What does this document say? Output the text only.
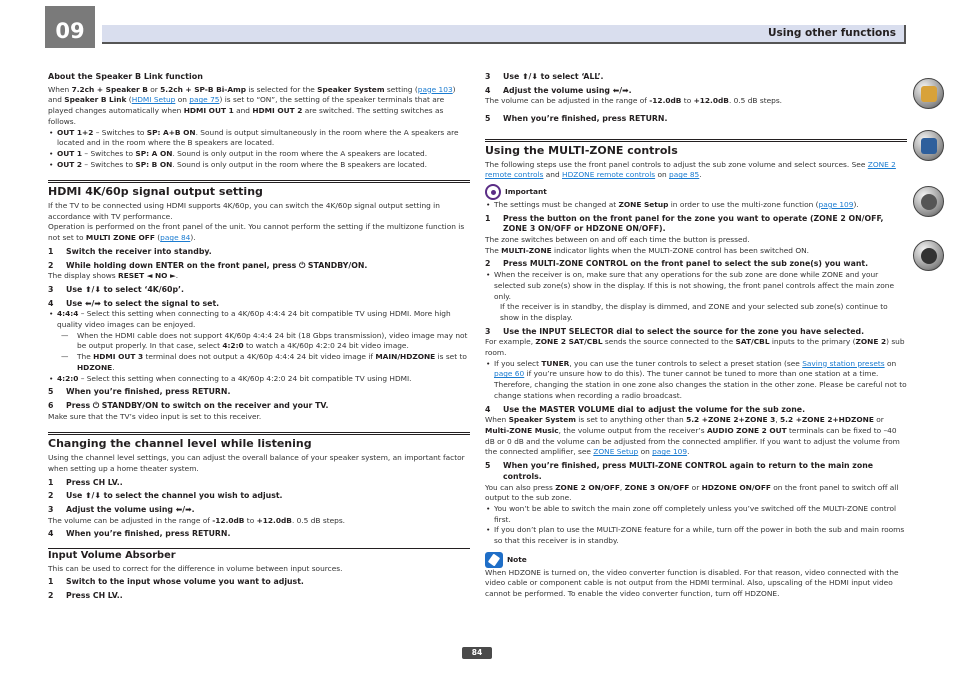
09	Using other functions
About the Speaker B Link function
When 7.2ch + Speaker B or 5.2ch + SP-B Bi-Amp is selected for the Speaker System setting (page 103) and Speaker B Link (HDMI Setup on page 75) is set to “ON”, the setting of the speaker terminals that are played changes automatically when HDMI OUT 1 and HDMI OUT 2 are switched. The setting switches as follows.
• OUT 1+2 – Switches to SP: A+B ON. Sound is output simultaneously in the room where the A speakers are located and in the room where the B speakers are located.
• OUT 1 – Switches to SP: A ON. Sound is only output in the room where the A speakers are located.
• OUT 2 – Switches to SP: B ON. Sound is only output in the room where the B speakers are located.
HDMI 4K/60p signal output setting
If the TV to be connected using HDMI supports 4K/60p, you can switch the 4K/60p signal output setting in accordance with TV performance.
Operation is performed on the front panel of the unit. You cannot perform the setting if the multizone function is not set to MULTI ZONE OFF (page 84).
1 Switch the receiver into standby.
2 While holding down ENTER on the front panel, press ⏻ STANDBY/ON.
The display shows RESET ◄ NO ►.
3 Use ⬆/⬇ to select ‘4K/60p’.
4 Use ⬅/➡ to select the signal to set.
• 4:4:4 – Select this setting when connecting to a 4K/60p 4:4:4 24 bit compatible TV using HDMI. More high quality video images can be enjoyed.
— When the HDMI cable does not support 4K/60p 4:4:4 24 bit (18 Gbps transmission), video image may not be output properly. In that case, select 4:2:0 to watch a 4K/60p 4:2:0 24 bit video image.
— The HDMI OUT 3 terminal does not output a 4K/60p 4:4:4 24 bit video image if MAIN/HDZONE is set to HDZONE.
• 4:2:0 – Select this setting when connecting to a 4K/60p 4:2:0 24 bit compatible TV using HDMI.
5 When you’re finished, press RETURN.
6 Press ⏻ STANDBY/ON to switch on the receiver and your TV.
Make sure that the TV’s video input is set to this receiver.
Changing the channel level while listening
Using the channel level settings, you can adjust the overall balance of your speaker system, an important factor when setting up a home theater system.
1 Press CH LV..
2 Use ⬆/⬇ to select the channel you wish to adjust.
3 Adjust the volume using ⬅/➡.
The volume can be adjusted in the range of -12.0dB to +12.0dB. 0.5 dB steps.
4 When you’re finished, press RETURN.
Input Volume Absorber
This can be used to correct for the difference in volume between input sources.
1 Switch to the input whose volume you want to adjust.
2 Press CH LV..
3 Use ⬆/⬇ to select ‘ALL’.
4 Adjust the volume using ⬅/➡.
The volume can be adjusted in the range of -12.0dB to +12.0dB. 0.5 dB steps.
5 When you’re finished, press RETURN.
Using the MULTI-ZONE controls
The following steps use the front panel controls to adjust the sub zone volume and select sources. See ZONE 2 remote controls and HDZONE remote controls on page 85.
Important
• The settings must be changed at ZONE Setup in order to use the multi-zone function (page 109).
1 Press the button on the front panel for the zone you want to operate (ZONE 2 ON/OFF, ZONE 3 ON/OFF or HDZONE ON/OFF).
The zone switches between on and off each time the button is pressed.
The MULTI-ZONE indicator lights when the MULTI-ZONE control has been switched ON.
2 Press MULTI-ZONE CONTROL on the front panel to select the sub zone(s) you want.
• When the receiver is on, make sure that any operations for the sub zone are done while ZONE and your selected sub zone(s) show in the display. If this is not showing, the front panel controls affect the main zone only.
If the receiver is in standby, the display is dimmed, and ZONE and your selected sub zone(s) continue to show in the display.
3 Use the INPUT SELECTOR dial to select the source for the zone you have selected.
For example, ZONE 2 SAT/CBL sends the source connected to the SAT/CBL inputs to the primary (ZONE 2) sub room.
• If you select TUNER, you can use the tuner controls to select a preset station (see Saving station presets on page 60 if you’re unsure how to do this). The tuner cannot be tuned to more than one station at a time. Therefore, changing the station in one zone also changes the station in the other zone. Please be careful not to change stations when recording a radio broadcast.
4 Use the MASTER VOLUME dial to adjust the volume for the sub zone.
When Speaker System is set to anything other than 5.2 +ZONE 2+ZONE 3, 5.2 +ZONE 2+HDZONE or Multi-ZONE Music, the volume output from the receiver’s AUDIO ZONE 2 OUT terminals can be fixed to –40 dB or 0 dB and the volume can be adjusted from the connected amplifier. If you want to adjust the volume from the connected amplifier, see ZONE Setup on page 109.
5 When you’re finished, press MULTI-ZONE CONTROL again to return to the main zone controls.
You can also press ZONE 2 ON/OFF, ZONE 3 ON/OFF or HDZONE ON/OFF on the front panel to switch off all output to the sub zone.
• You won’t be able to switch the main zone off completely unless you’ve switched off the MULTI-ZONE control first.
• If you don’t plan to use the MULTI-ZONE feature for a while, turn off the power in both the sub and main rooms so that this receiver is in standby.
Note
When HDZONE is turned on, the video converter function is disabled. For that reason, video connected with the video cable or component cable is not output from the HDMI terminal. Also, upscaling of the HDMI input video cannot be performed. To enable the video converter function, turn off HDZONE.
84
